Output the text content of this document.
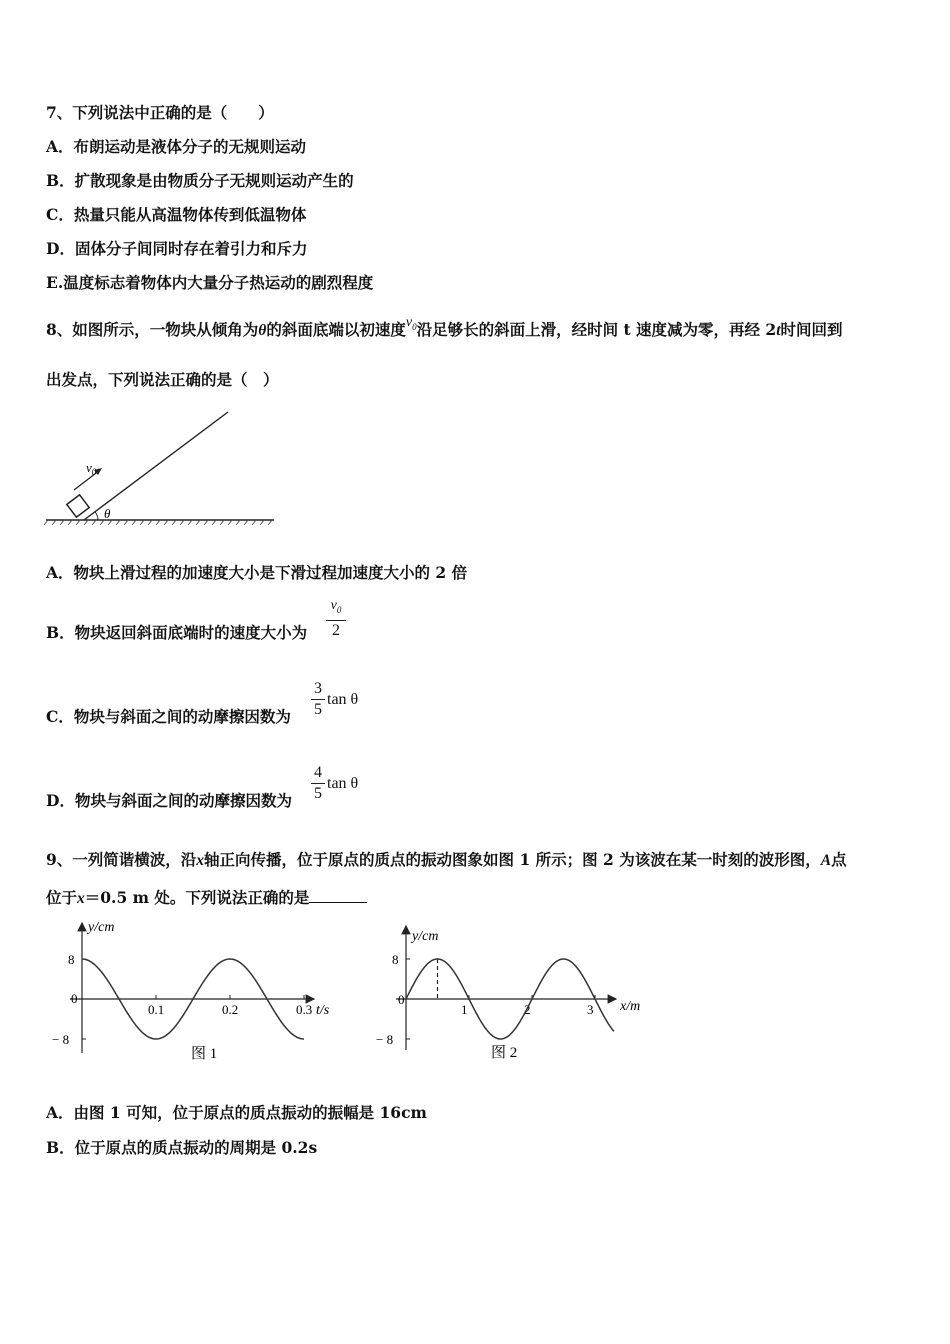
7、下列说法中正确的是（　　）
A．布朗运动是液体分子的无规则运动
B．扩散现象是由物质分子无规则运动产生的
C．热量只能从高温物体传到低温物体
D．固体分子间同时存在着引力和斥力
E.温度标志着物体内大量分子热运动的剧烈程度
8、如图所示，一物块从倾角为θ的斜面底端以初速度$v_0$沿足够长的斜面上滑，经时间 t 速度减为零，再经 2t时间回到
出发点，下列说法正确的是（　）
$v_0$
θ
A．物块上滑过程的加速度大小是下滑过程加速度大小的 2 倍
B．物块返回斜面底端时的速度大小为
$v_0$
2
C．物块与斜面之间的动摩擦因数为
3
5
tan θ
D．物块与斜面之间的动摩擦因数为
4
5
tan θ
9、一列简谐横波，沿x轴正向传播，位于原点的质点的振动图象如图 1 所示；图 2 为该波在某一时刻的波形图，A点
位于x＝0.5 m 处。下列说法正确的是
y/cm
t/s
0
0.1	0.2	0.3
8
− 8
图 1
y/cm
x/m
0
1	2	3
8
− 8
图 2
A．由图 1 可知，位于原点的质点振动的振幅是 16cm
B．位于原点的质点振动的周期是 0.2s
